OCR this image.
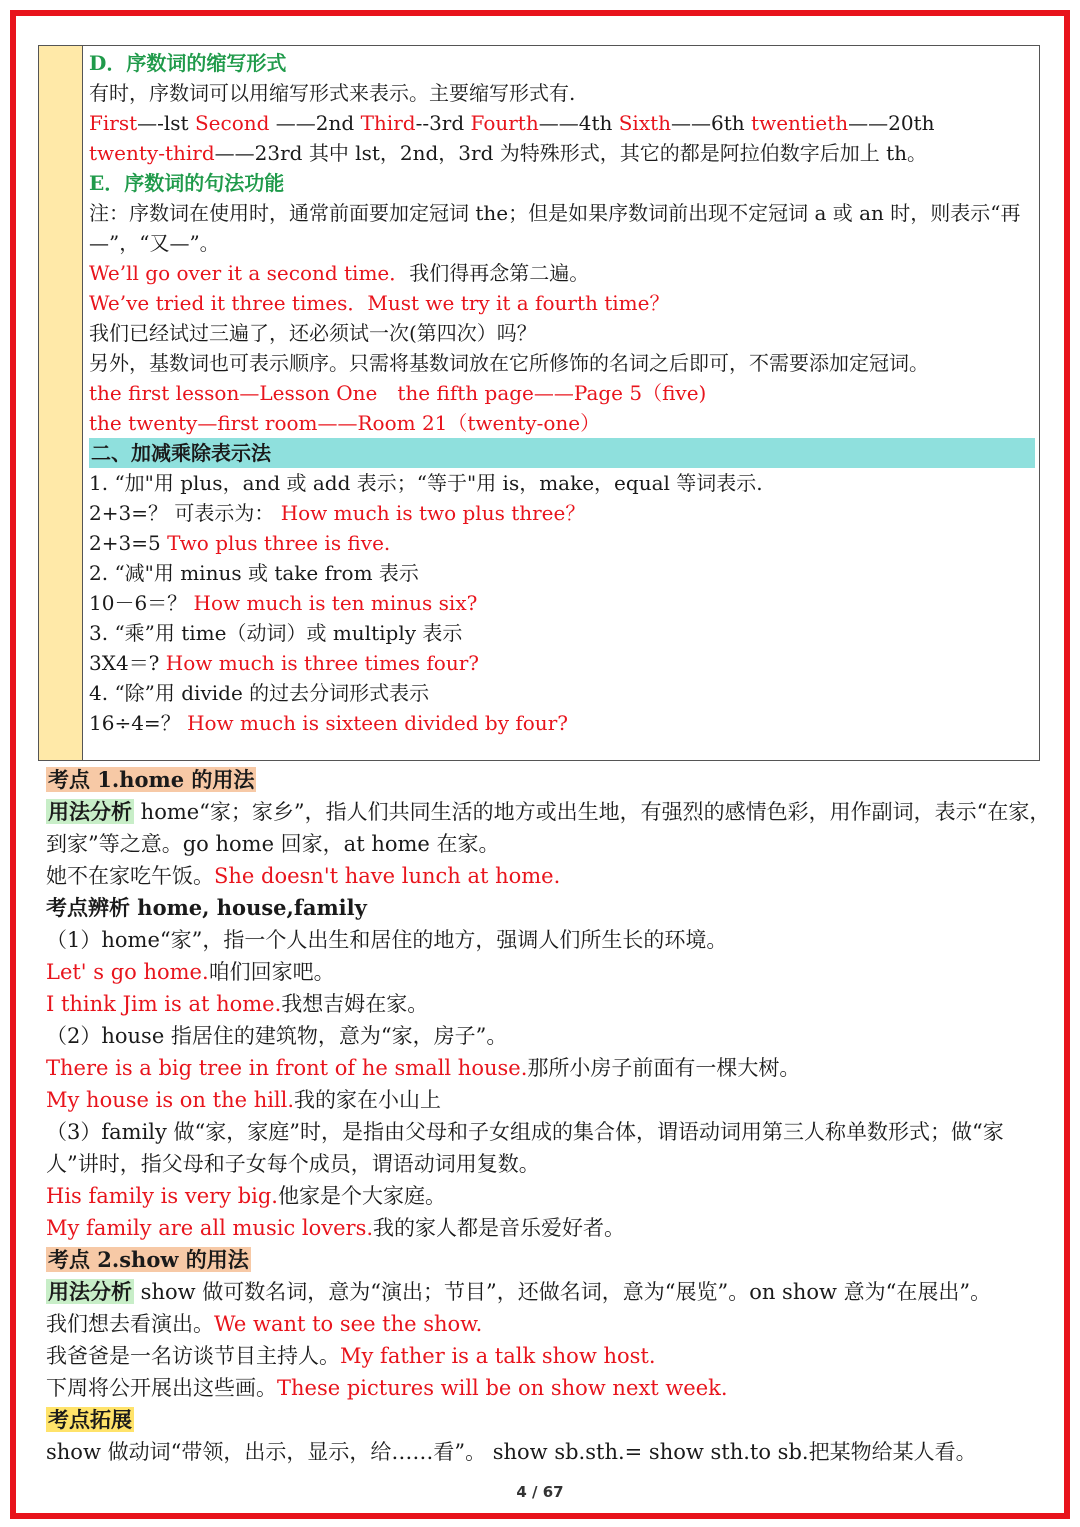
D．序数词的缩写形式
有时，序数词可以用缩写形式来表示。主要缩写形式有.
First—-lst Second ——2nd Third--3rd Fourth——4th Sixth——6th twentieth——20th
twenty-third——23rd 其中 lst，2nd，3rd 为特殊形式，其它的都是阿拉伯数字后加上 th。
E．序数词的句法功能
注：序数词在使用时，通常前面要加定冠词 the；但是如果序数词前出现不定冠词 a 或 an 时，则表示“再—”，“又—”。
We’ll go over it a second time．我们得再念第二遍。
We’ve tried it three times．Must we try it a fourth time？
我们已经试过三遍了，还必须试一次(第四次）吗？
另外，基数词也可表示顺序。只需将基数词放在它所修饰的名词之后即可，不需要添加定冠词。
the first lesson—Lesson One　the fifth page——Page 5（five)
the twenty—first room——Room 21（twenty-one）
二、加减乘除表示法
1. “加"用 plus，and 或 add 表示；“等于"用 is，make，equal 等词表示.
2+3=？ 可表示为： How much is two plus three？
2+3=5 Two plus three is five.
2. “减"用 minus 或 take from 表示
10－6＝？ How much is ten minus six?
3. “乘”用 time（动词）或 multiply 表示
3X4＝? How much is three times four?
4. “除”用 divide 的过去分词形式表示
16÷4=？ How much is sixteen divided by four?
考点 1.home 的用法
用法分析 home“家；家乡”，指人们共同生活的地方或出生地，有强烈的感情色彩，用作副词，表示“在家，到家”等之意。go home 回家，at home 在家。
她不在家吃午饭。She doesn't have lunch at home.
考点辨析 home, house,family
（1）home“家”，指一个人出生和居住的地方，强调人们所生长的环境。
Let' s go home.咱们回家吧。
I think Jim is at home.我想吉姆在家。
（2）house 指居住的建筑物，意为“家，房子”。
There is a big tree in front of he small house.那所小房子前面有一棵大树。
My house is on the hill.我的家在小山上
（3）family 做“家，家庭”时，是指由父母和子女组成的集合体，谓语动词用第三人称单数形式；做“家人”讲时，指父母和子女每个成员，谓语动词用复数。
His family is very big.他家是个大家庭。
My family are all music lovers.我的家人都是音乐爱好者。
考点 2.show 的用法
用法分析 show 做可数名词，意为“演出；节目”，还做名词，意为“展览”。on show 意为“在展出”。
我们想去看演出。We want to see the show.
我爸爸是一名访谈节目主持人。My father is a talk show host.
下周将公开展出这些画。These pictures will be on show next week.
考点拓展
show 做动词“带领，出示，显示，给……看”。 show sb.sth.= show sth.to sb.把某物给某人看。
4 / 67
